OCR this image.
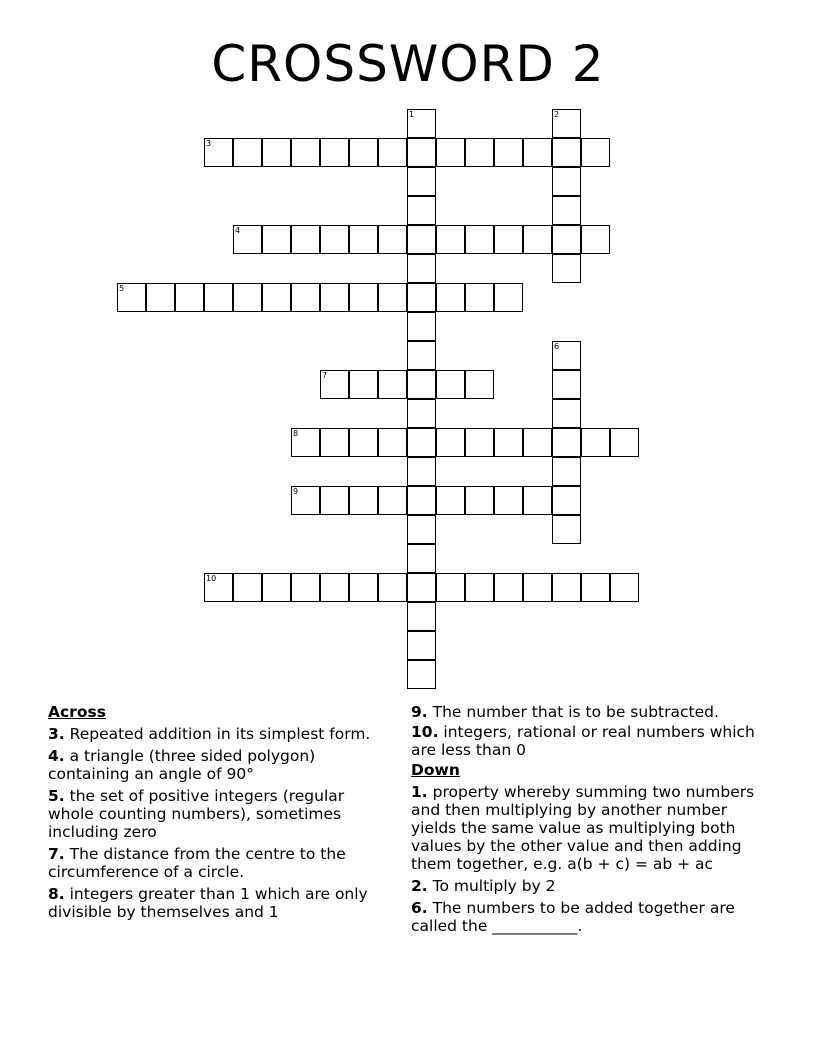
CROSSWORD 2
1	2
3
4
5
6
7
8
9
10
Across
3. Repeated addition in its simplest form.
4. a triangle (three sided polygon) containing an angle of 90°
5. the set of positive integers (regular whole counting numbers), sometimes including zero
7. The distance from the centre to the circumference of a circle.
8. integers greater than 1 which are only divisible by themselves and 1
9. The number that is to be subtracted.
10. integers, rational or real numbers which are less than 0
Down
1. property whereby summing two numbers and then multiplying by another number yields the same value as multiplying both values by the other value and then adding them together, e.g. a(b + c) = ab + ac
2. To multiply by 2
6. The numbers to be added together are called the ___________.
